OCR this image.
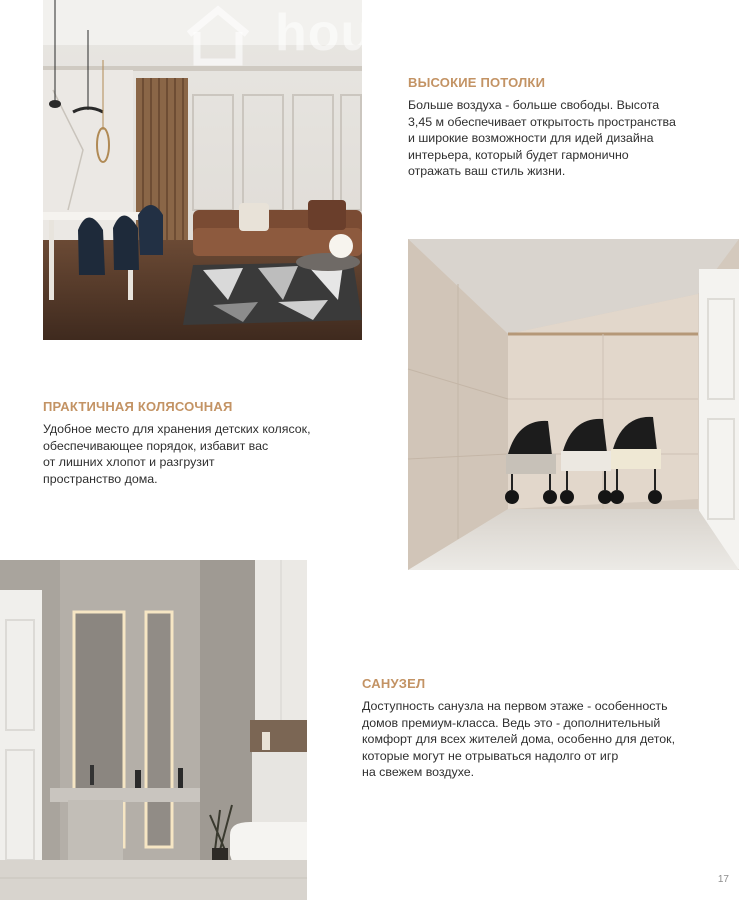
hou
ВЫСОКИЕ ПОТОЛКИ

Больше воздуха - больше свободы. Высота
3,45 м обеспечивает открытость пространства
и широкие возможности для идей дизайна
интерьера, который будет гармонично
отражать ваш стиль жизни.

ПРАКТИЧНАЯ КОЛЯСОЧНАЯ

Удобное место для хранения детских колясок,
обеспечивающее порядок, избавит вас
от лишних хлопот и разгрузит
пространство дома.

САНУЗЕЛ

Доступность санузла на первом этаже - особенность
домов премиум-класса. Ведь это - дополнительный
комфорт для всех жителей дома, особенно для деток,
которые могут не отрываться надолго от игр
на свежем воздухе.

17
